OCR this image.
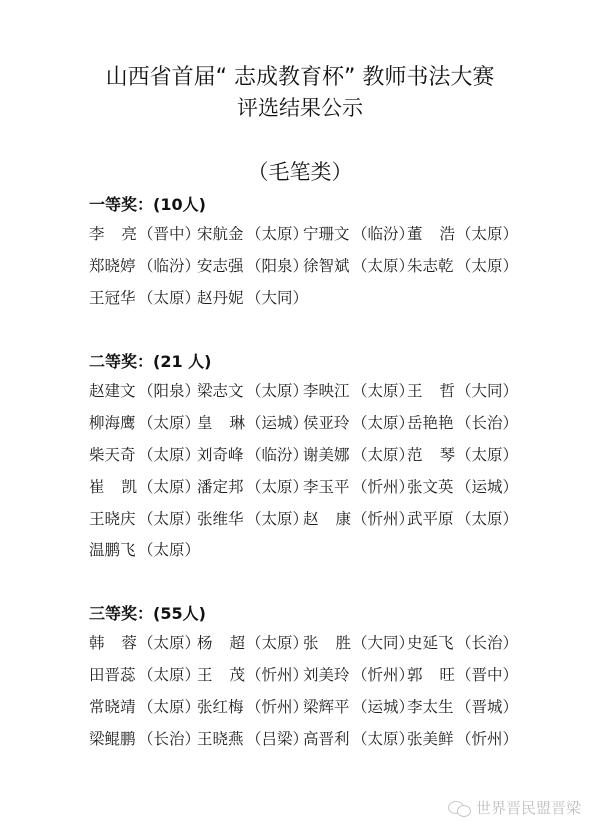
山西省首届“ 志成教育杯” 教师书法大赛
评选结果公示
（毛笔类）
一等奖：(10人)
李亮（晋中）
宋航金 （太原）
宁珊文 （临汾）
董浩（太原）
郑晓婷 （临汾）
安志强 （阳泉）
徐智斌 （太原）
朱志乾 （太原）
王冠华 （太原）
赵丹妮 （大同）
二等奖：(21 人)
赵建文 （阳泉）
梁志文 （太原）
李映江 （太原）
王哲（大同）
柳海鹰 （太原）
皇琳（运城）
侯亚玲 （太原）
岳艳艳 （长治）
柴天奇 （太原）
刘奇峰 （临汾）
谢美娜 （太原）
范琴（太原）
崔凯（太原）
潘定邦 （太原）
李玉平 （忻州）
张文英 （运城）
王晓庆 （太原）
张维华 （太原）
赵康（忻州）
武平原 （太原）
温鹏飞 （太原）
三等奖：(55人)
韩蓉（太原）
杨超（太原）
张胜（大同）
史延飞 （长治）
田晋蕊 （太原）
王茂（忻州）
刘美玲 （忻州）
郭旺（晋中）
常晓靖 （太原）
张红梅 （忻州）
梁辉平 （运城）
李太生 （晋城）
梁鲲鹏 （长治）
王晓燕 （吕梁）
高晋利 （太原）
张美鲜 （忻州）
世界晋民盟晋梁
